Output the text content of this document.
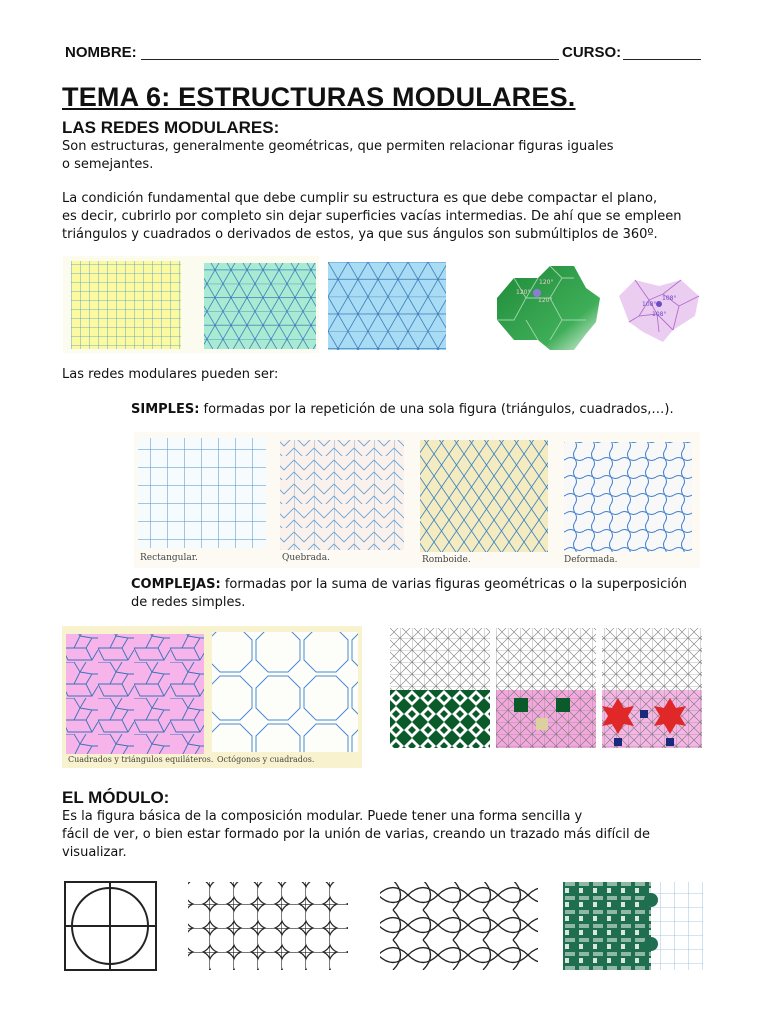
NOMBRE:	CURSO:
TEMA 6: ESTRUCTURAS MODULARES.
LAS REDES MODULARES:
Son estructuras, generalmente geométricas, que permiten relacionar figuras iguales
o semejantes.
La condición fundamental que debe cumplir su estructura es que debe compactar el plano,
es decir, cubrirlo por completo sin dejar superficies vacías intermedias. De ahí que se empleen
triángulos y cuadrados o derivados de estos, ya que sus ángulos son submúltiplos de 360º.
120°
120°
120°
108°
108°
108°
Las redes modulares pueden ser:
SIMPLES: formadas por la repetición de una sola figura (triángulos, cuadrados,…).
Rectangular.	Quebrada.	Romboide.	Deformada.
COMPLEJAS: formadas por la suma de varias figuras geométricas o la superposición
de redes simples.
Cuadrados y triángulos equiláteros. Octógonos y cuadrados.
EL MÓDULO:
Es la figura básica de la composición modular. Puede tener una forma sencilla y
fácil de ver, o bien estar formado por la unión de varias, creando un trazado más difícil de
visualizar.
